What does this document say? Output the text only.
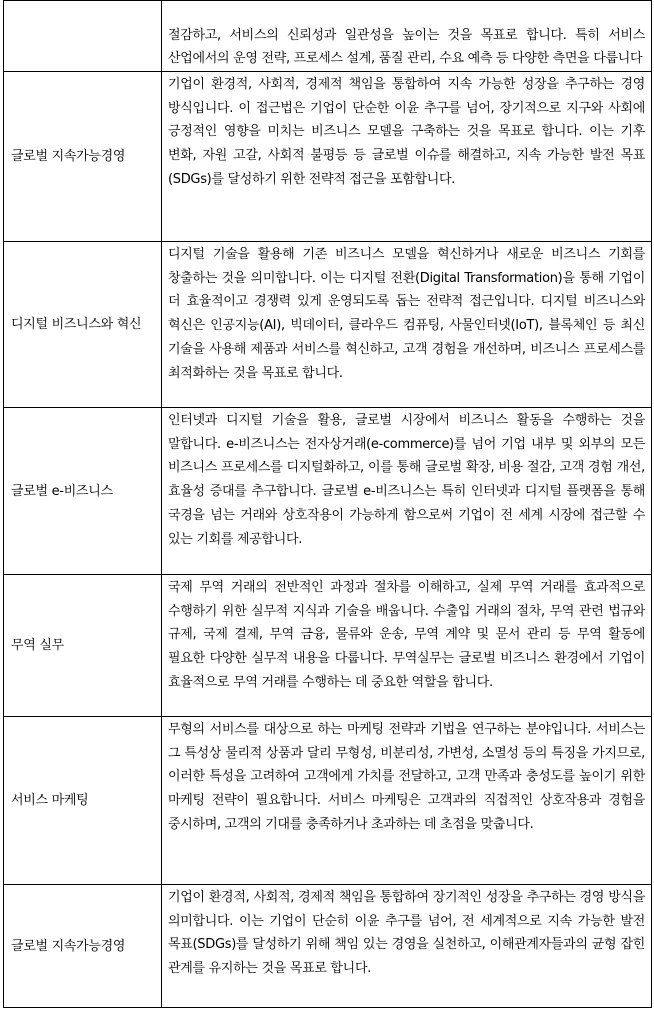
	절감하고, 서비스의 신뢰성과 일관성을 높이는 것을 목표로 합니다. 특히 서비스 산업에서의 운영 전략, 프로세스 설계, 품질 관리, 수요 예측 등 다양한 측면을 다룹니다
글로벌 지속가능경영	기업이 환경적, 사회적, 경제적 책임을 통합하여 지속 가능한 성장을 추구하는 경영 방식입니다. 이 접근법은 기업이 단순한 이윤 추구를 넘어, 장기적으로 지구와 사회에 긍정적인 영향을 미치는 비즈니스 모델을 구축하는 것을 목표로 합니다. 이는 기후 변화, 자원 고갈, 사회적 불평등 등 글로벌 이슈를 해결하고, 지속 가능한 발전 목표(SDGs)를 달성하기 위한 전략적 접근을 포함합니다.
디지털 비즈니스와 혁신	디지털 기술을 활용해 기존 비즈니스 모델을 혁신하거나 새로운 비즈니스 기회를 창출하는 것을 의미합니다. 이는 디지털 전환(Digital Transformation)을 통해 기업이 더 효율적이고 경쟁력 있게 운영되도록 돕는 전략적 접근입니다. 디지털 비즈니스와 혁신은 인공지능(AI), 빅데이터, 클라우드 컴퓨팅, 사물인터넷(IoT), 블록체인 등 최신 기술을 사용해 제품과 서비스를 혁신하고, 고객 경험을 개선하며, 비즈니스 프로세스를 최적화하는 것을 목표로 합니다.
글로벌 e-비즈니스	인터넷과 디지털 기술을 활용, 글로벌 시장에서 비즈니스 활동을 수행하는 것을 말합니다. e-비즈니스는 전자상거래(e-commerce)를 넘어 기업 내부 및 외부의 모든 비즈니스 프로세스를 디지털화하고, 이를 통해 글로벌 확장, 비용 절감, 고객 경험 개선, 효율성 증대를 추구합니다. 글로벌 e-비즈니스는 특히 인터넷과 디지털 플랫폼을 통해 국경을 넘는 거래와 상호작용이 가능하게 함으로써 기업이 전 세계 시장에 접근할 수 있는 기회를 제공합니다.
무역 실무	국제 무역 거래의 전반적인 과정과 절차를 이해하고, 실제 무역 거래를 효과적으로 수행하기 위한 실무적 지식과 기술을 배웁니다. 수출입 거래의 절차, 무역 관련 법규와 규제, 국제 결제, 무역 금융, 물류와 운송, 무역 계약 및 문서 관리 등 무역 활동에 필요한 다양한 실무적 내용을 다룹니다. 무역실무는 글로벌 비즈니스 환경에서 기업이 효율적으로 무역 거래를 수행하는 데 중요한 역할을 합니다.
서비스 마케팅	무형의 서비스를 대상으로 하는 마케팅 전략과 기법을 연구하는 분야입니다. 서비스는 그 특성상 물리적 상품과 달리 무형성, 비분리성, 가변성, 소멸성 등의 특징을 가지므로, 이러한 특성을 고려하여 고객에게 가치를 전달하고, 고객 만족과 충성도를 높이기 위한 마케팅 전략이 필요합니다. 서비스 마케팅은 고객과의 직접적인 상호작용과 경험을 중시하며, 고객의 기대를 충족하거나 초과하는 데 초점을 맞춥니다.
글로벌 지속가능경영	기업이 환경적, 사회적, 경제적 책임을 통합하여 장기적인 성장을 추구하는 경영 방식을 의미합니다. 이는 기업이 단순히 이윤 추구를 넘어, 전 세계적으로 지속 가능한 발전 목표(SDGs)를 달성하기 위해 책임 있는 경영을 실천하고, 이해관계자들과의 균형 잡힌 관계를 유지하는 것을 목표로 합니다.
